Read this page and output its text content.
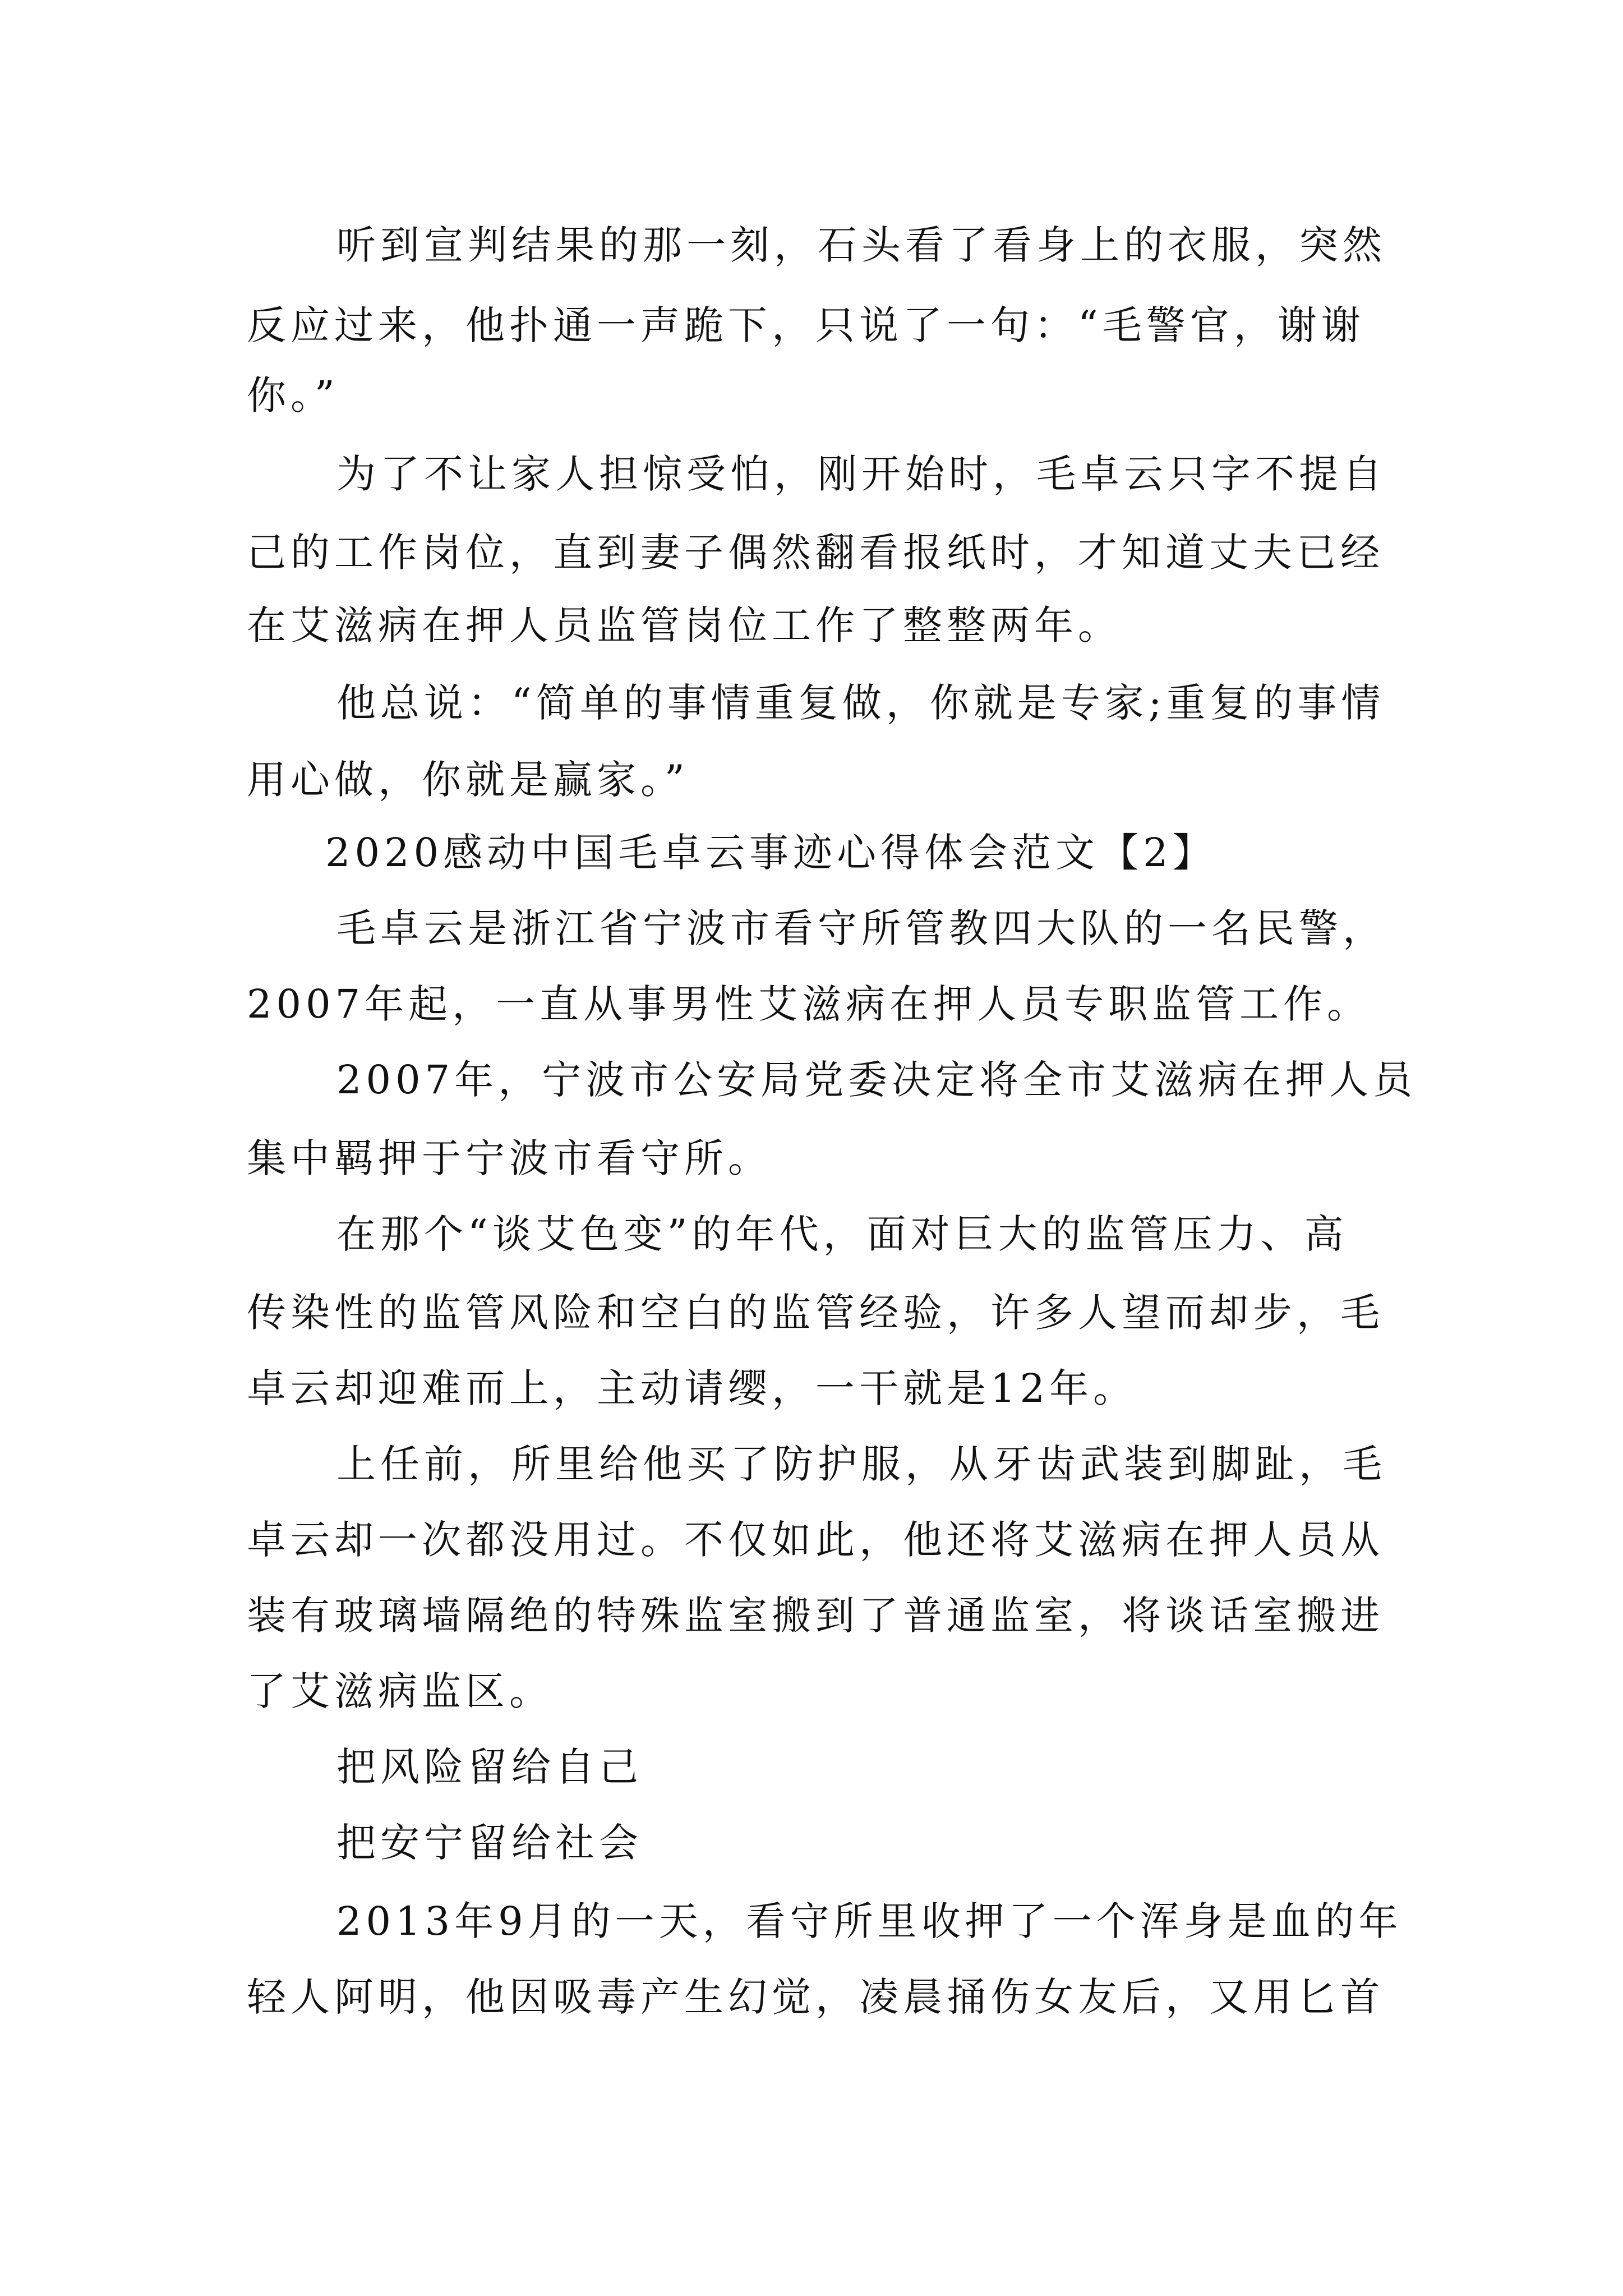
听到宣判结果的那一刻，石头看了看身上的衣服，突然
反应过来，他扑通一声跪下，只说了一句：“毛警官，谢谢
你。”
为了不让家人担惊受怕，刚开始时，毛卓云只字不提自
己的工作岗位，直到妻子偶然翻看报纸时，才知道丈夫已经
在艾滋病在押人员监管岗位工作了整整两年。
他总说：“简单的事情重复做，你就是专家;重复的事情
用心做，你就是赢家。”
2020感动中国毛卓云事迹心得体会范文【2】
毛卓云是浙江省宁波市看守所管教四大队的一名民警，
2007年起，一直从事男性艾滋病在押人员专职监管工作。
2007年，宁波市公安局党委决定将全市艾滋病在押人员
集中羁押于宁波市看守所。
在那个“谈艾色变”的年代，面对巨大的监管压力、高
传染性的监管风险和空白的监管经验，许多人望而却步，毛
卓云却迎难而上，主动请缨，一干就是12年。
上任前，所里给他买了防护服，从牙齿武装到脚趾，毛
卓云却一次都没用过。不仅如此，他还将艾滋病在押人员从
装有玻璃墙隔绝的特殊监室搬到了普通监室，将谈话室搬进
了艾滋病监区。
把风险留给自己
把安宁留给社会
2013年9月的一天，看守所里收押了一个浑身是血的年
轻人阿明，他因吸毒产生幻觉，凌晨捅伤女友后，又用匕首
